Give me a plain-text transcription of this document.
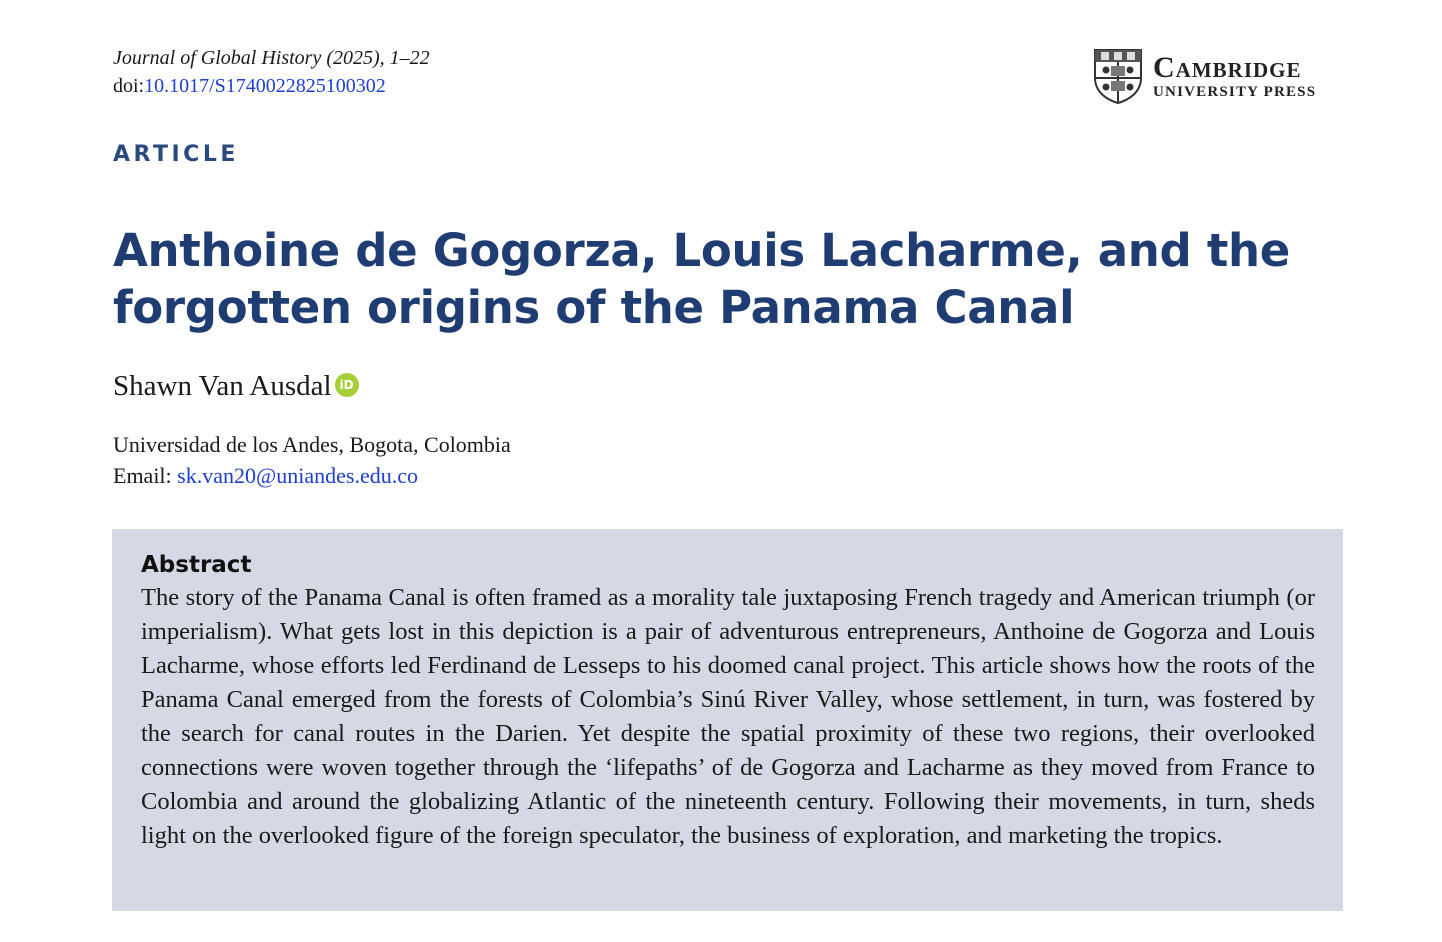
Journal of Global History (2025), 1–22
doi:10.1017/S1740022825100302
Cambridge
UNIVERSITY PRESS
ARTICLE
Anthoine de Gogorza, Louis Lacharme, and the forgotten origins of the Panama Canal
Shawn Van Ausdal iD
Universidad de los Andes, Bogota, Colombia
Email: sk.van20@uniandes.edu.co
Abstract

The story of the Panama Canal is often framed as a morality tale juxtaposing French tragedy and American triumph (or imperialism). What gets lost in this depiction is a pair of adventurous entrepreneurs, Anthoine de Gogorza and Louis Lacharme, whose efforts led Ferdinand de Lesseps to his doomed canal project. This article shows how the roots of the Panama Canal emerged from the forests of Colombia’s Sinú River Valley, whose settlement, in turn, was fostered by the search for canal routes in the Darien. Yet despite the spatial proximity of these two regions, their overlooked connections were woven together through the ‘lifepaths’ of de Gogorza and Lacharme as they moved from France to Colombia and around the globalizing Atlantic of the nineteenth century. Following their movements, in turn, sheds light on the overlooked figure of the foreign speculator, the business of exploration, and marketing the tropics.
